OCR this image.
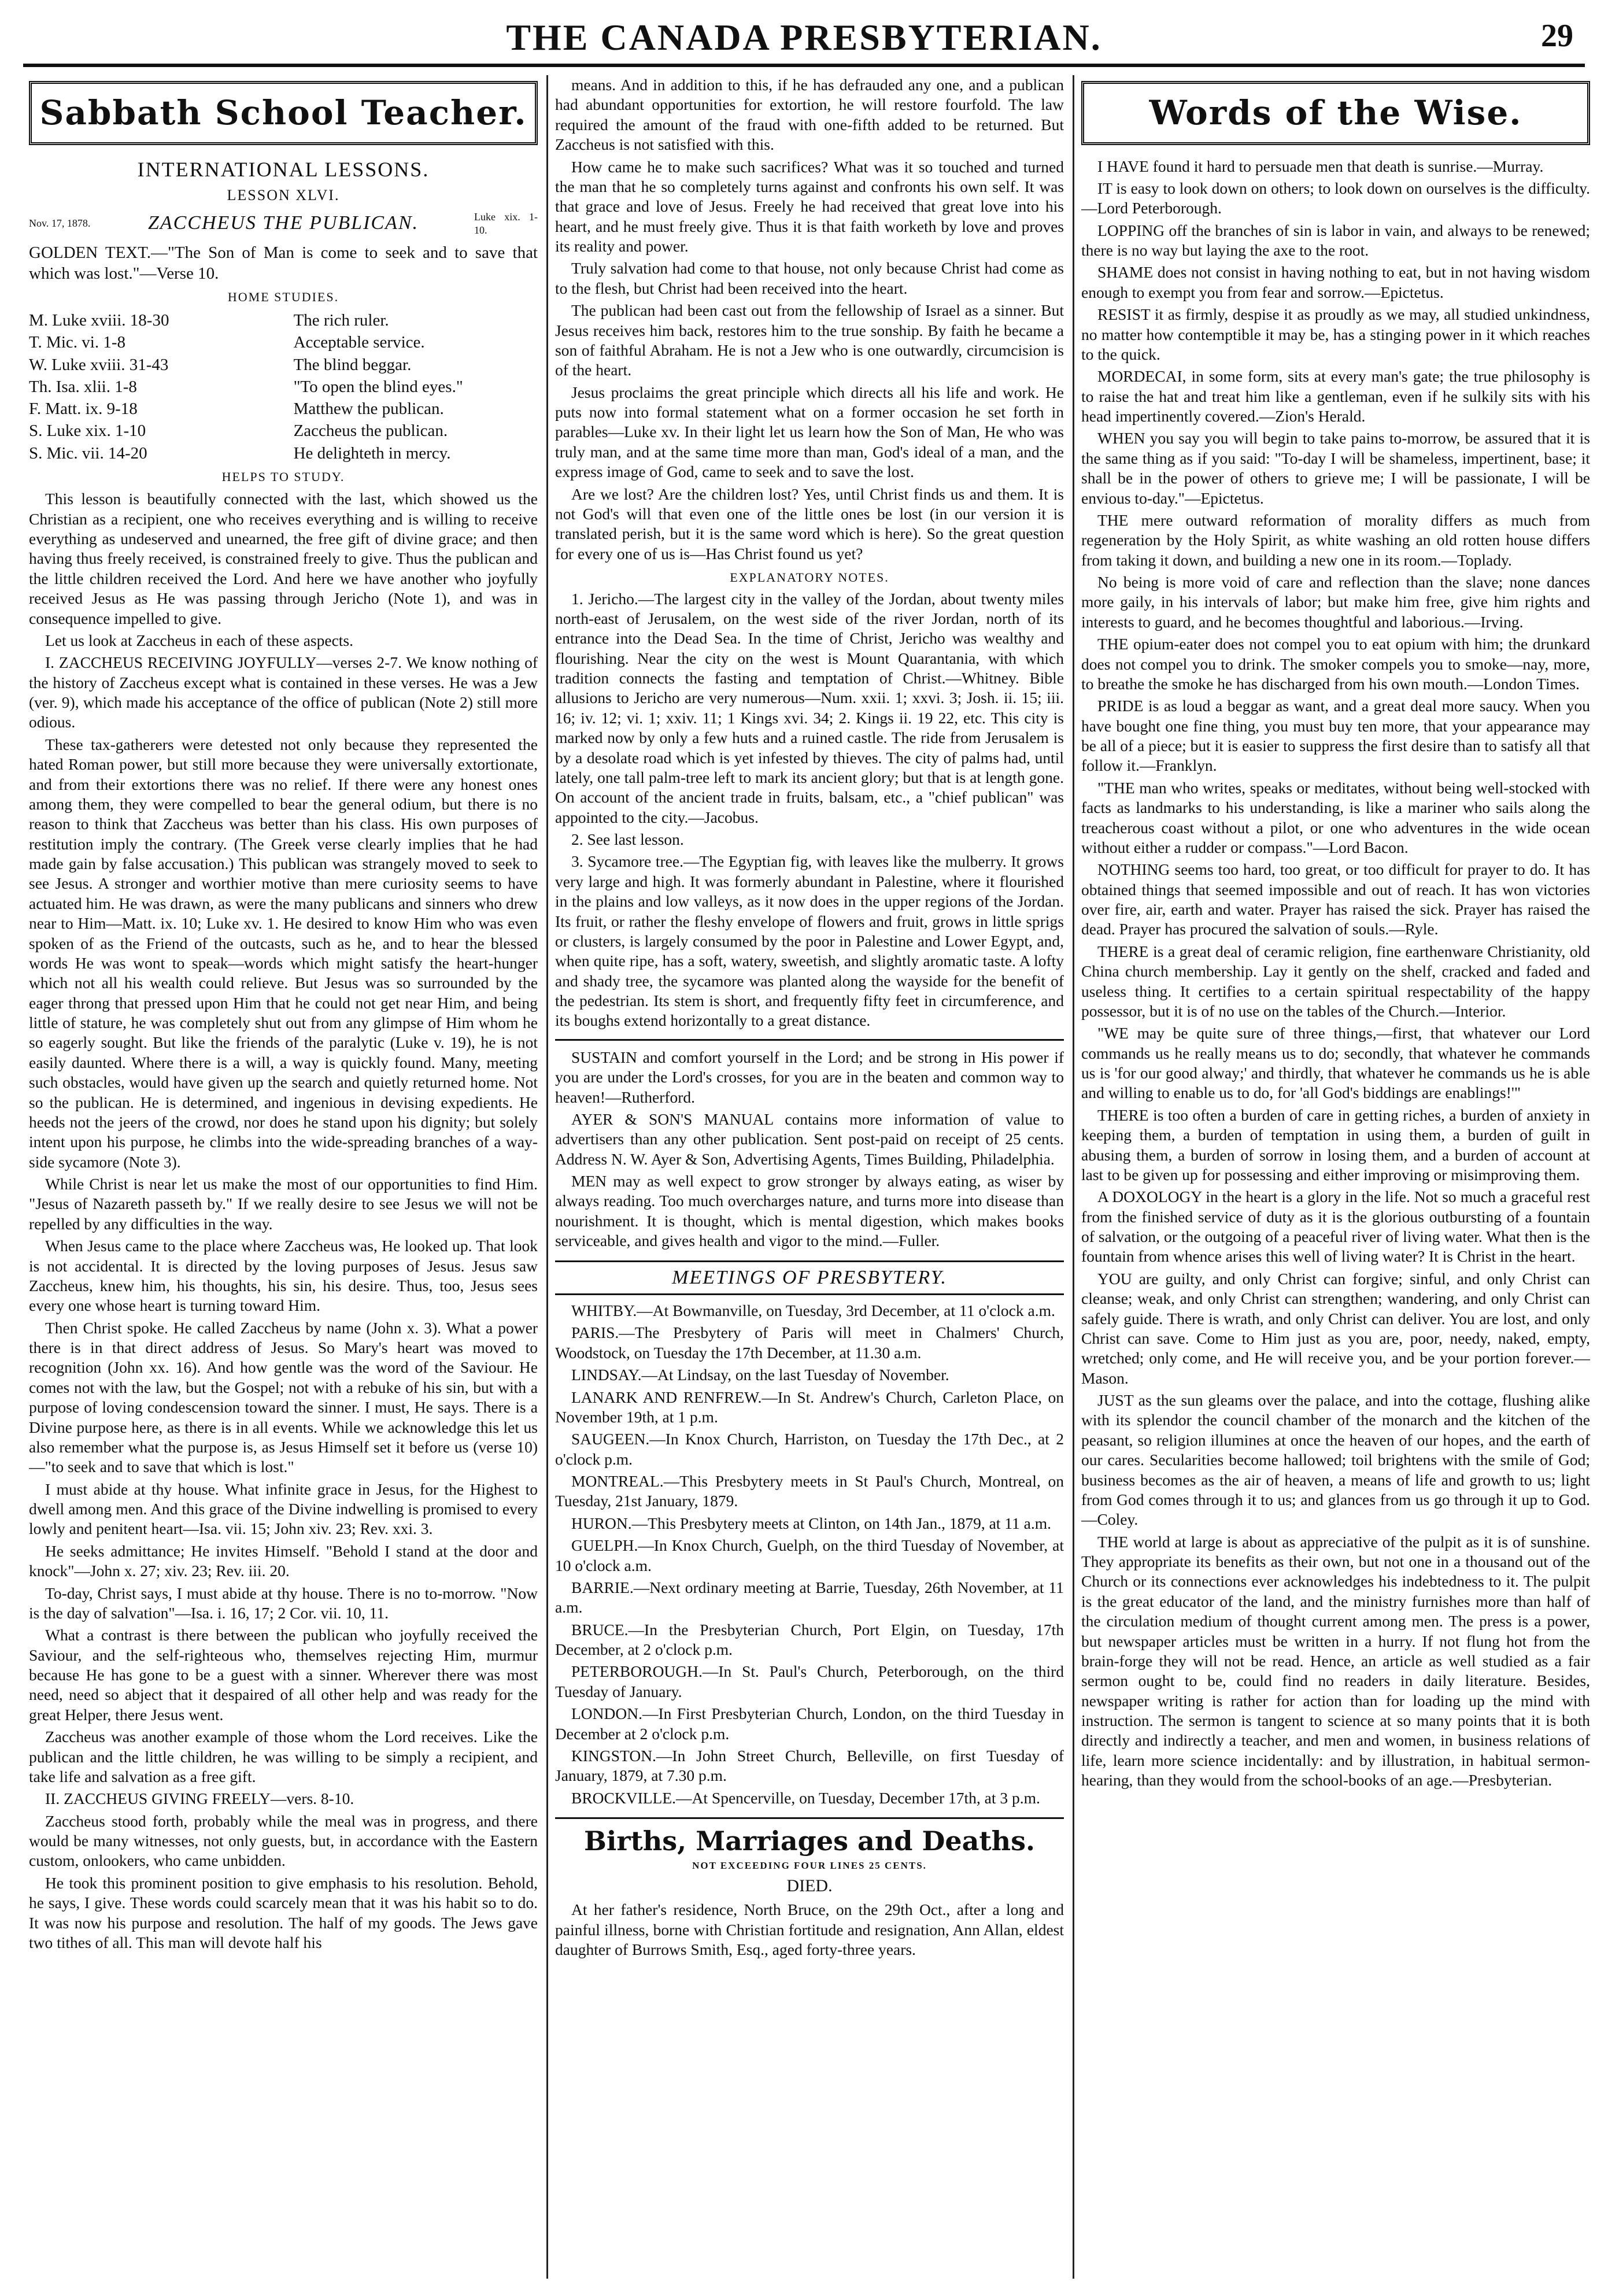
THE CANADA PRESBYTERIAN.	29
Sabbath School Teacher.

INTERNATIONAL LESSONS.

LESSON XLVI.

Nov. 17, 1878.	ZACCHEUS THE PUBLICAN.	Luke xix. 1-10.

GOLDEN TEXT.—"The Son of Man is come to seek and to save that which was lost."—Verse 10.

HOME STUDIES.
M. Luke xviii. 18-30	The rich ruler.
T. Mic. vi. 1-8	Acceptable service.
W. Luke xviii. 31-43	The blind beggar.
Th. Isa. xlii. 1-8	"To open the blind eyes."
F. Matt. ix. 9-18	Matthew the publican.
S. Luke xix. 1-10	Zaccheus the publican.
S. Mic. vii. 14-20	He delighteth in mercy.
HELPS TO STUDY.

This lesson is beautifully connected with the last, which showed us the Christian as a recipient, one who receives everything and is willing to receive everything as undeserved and unearned, the free gift of divine grace; and then having thus freely received, is constrained freely to give. Thus the publican and the little children received the Lord. And here we have another who joyfully received Jesus as He was passing through Jericho (Note 1), and was in consequence impelled to give.

Let us look at Zaccheus in each of these aspects.

I. ZACCHEUS RECEIVING JOYFULLY—verses 2-7. We know nothing of the history of Zaccheus except what is contained in these verses. He was a Jew (ver. 9), which made his acceptance of the office of publican (Note 2) still more odious.

These tax-gatherers were detested not only because they represented the hated Roman power, but still more because they were universally extortionate, and from their extortions there was no relief. If there were any honest ones among them, they were compelled to bear the general odium, but there is no reason to think that Zaccheus was better than his class. His own purposes of restitution imply the contrary. (The Greek verse clearly implies that he had made gain by false accusation.) This publican was strangely moved to seek to see Jesus. A stronger and worthier motive than mere curiosity seems to have actuated him. He was drawn, as were the many publicans and sinners who drew near to Him—Matt. ix. 10; Luke xv. 1. He desired to know Him who was even spoken of as the Friend of the outcasts, such as he, and to hear the blessed words He was wont to speak—words which might satisfy the heart-hunger which not all his wealth could relieve. But Jesus was so surrounded by the eager throng that pressed upon Him that he could not get near Him, and being little of stature, he was completely shut out from any glimpse of Him whom he so eagerly sought. But like the friends of the paralytic (Luke v. 19), he is not easily daunted. Where there is a will, a way is quickly found. Many, meeting such obstacles, would have given up the search and quietly returned home. Not so the publican. He is determined, and ingenious in devising expedients. He heeds not the jeers of the crowd, nor does he stand upon his dignity; but solely intent upon his purpose, he climbs into the wide-spreading branches of a way-side sycamore (Note 3).

While Christ is near let us make the most of our opportunities to find Him. "Jesus of Nazareth passeth by." If we really desire to see Jesus we will not be repelled by any difficulties in the way.

When Jesus came to the place where Zaccheus was, He looked up. That look is not accidental. It is directed by the loving purposes of Jesus. Jesus saw Zaccheus, knew him, his thoughts, his sin, his desire. Thus, too, Jesus sees every one whose heart is turning toward Him.

Then Christ spoke. He called Zaccheus by name (John x. 3). What a power there is in that direct address of Jesus. So Mary's heart was moved to recognition (John xx. 16). And how gentle was the word of the Saviour. He comes not with the law, but the Gospel; not with a rebuke of his sin, but with a purpose of loving condescension toward the sinner. I must, He says. There is a Divine purpose here, as there is in all events. While we acknowledge this let us also remember what the purpose is, as Jesus Himself set it before us (verse 10)—"to seek and to save that which is lost."

I must abide at thy house. What infinite grace in Jesus, for the Highest to dwell among men. And this grace of the Divine indwelling is promised to every lowly and penitent heart—Isa. vii. 15; John xiv. 23; Rev. xxi. 3.

He seeks admittance; He invites Himself. "Behold I stand at the door and knock"—John x. 27; xiv. 23; Rev. iii. 20.

To-day, Christ says, I must abide at thy house. There is no to-morrow. "Now is the day of salvation"—Isa. i. 16, 17; 2 Cor. vii. 10, 11.

What a contrast is there between the publican who joyfully received the Saviour, and the self-righteous who, themselves rejecting Him, murmur because He has gone to be a guest with a sinner. Wherever there was most need, need so abject that it despaired of all other help and was ready for the great Helper, there Jesus went.

Zaccheus was another example of those whom the Lord receives. Like the publican and the little children, he was willing to be simply a recipient, and take life and salvation as a free gift.

II. ZACCHEUS GIVING FREELY—vers. 8-10.

Zaccheus stood forth, probably while the meal was in progress, and there would be many witnesses, not only guests, but, in accordance with the Eastern custom, onlookers, who came unbidden.

He took this prominent position to give emphasis to his resolution. Behold, he says, I give. These words could scarcely mean that it was his habit so to do. It was now his purpose and resolution. The half of my goods. The Jews gave two tithes of all. This man will devote half his

means. And in addition to this, if he has defrauded any one, and a publican had abundant opportunities for extortion, he will restore fourfold. The law required the amount of the fraud with one-fifth added to be returned. But Zaccheus is not satisfied with this.

How came he to make such sacrifices? What was it so touched and turned the man that he so completely turns against and confronts his own self. It was that grace and love of Jesus. Freely he had received that great love into his heart, and he must freely give. Thus it is that faith worketh by love and proves its reality and power.

Truly salvation had come to that house, not only because Christ had come as to the flesh, but Christ had been received into the heart.

The publican had been cast out from the fellowship of Israel as a sinner. But Jesus receives him back, restores him to the true sonship. By faith he became a son of faithful Abraham. He is not a Jew who is one outwardly, circumcision is of the heart.

Jesus proclaims the great principle which directs all his life and work. He puts now into formal statement what on a former occasion he set forth in parables—Luke xv. In their light let us learn how the Son of Man, He who was truly man, and at the same time more than man, God's ideal of a man, and the express image of God, came to seek and to save the lost.

Are we lost? Are the children lost? Yes, until Christ finds us and them. It is not God's will that even one of the little ones be lost (in our version it is translated perish, but it is the same word which is here). So the great question for every one of us is—Has Christ found us yet?

EXPLANATORY NOTES.

1. Jericho.—The largest city in the valley of the Jordan, about twenty miles north-east of Jerusalem, on the west side of the river Jordan, north of its entrance into the Dead Sea. In the time of Christ, Jericho was wealthy and flourishing. Near the city on the west is Mount Quarantania, with which tradition connects the fasting and temptation of Christ.—Whitney. Bible allusions to Jericho are very numerous—Num. xxii. 1; xxvi. 3; Josh. ii. 15; iii. 16; iv. 12; vi. 1; xxiv. 11; 1 Kings xvi. 34; 2. Kings ii. 19 22, etc. This city is marked now by only a few huts and a ruined castle. The ride from Jerusalem is by a desolate road which is yet infested by thieves. The city of palms had, until lately, one tall palm-tree left to mark its ancient glory; but that is at length gone. On account of the ancient trade in fruits, balsam, etc., a "chief publican" was appointed to the city.—Jacobus.

2. See last lesson.

3. Sycamore tree.—The Egyptian fig, with leaves like the mulberry. It grows very large and high. It was formerly abundant in Palestine, where it flourished in the plains and low valleys, as it now does in the upper regions of the Jordan. Its fruit, or rather the fleshy envelope of flowers and fruit, grows in little sprigs or clusters, is largely consumed by the poor in Palestine and Lower Egypt, and, when quite ripe, has a soft, watery, sweetish, and slightly aromatic taste. A lofty and shady tree, the sycamore was planted along the wayside for the benefit of the pedestrian. Its stem is short, and frequently fifty feet in circumference, and its boughs extend horizontally to a great distance.

SUSTAIN and comfort yourself in the Lord; and be strong in His power if you are under the Lord's crosses, for you are in the beaten and common way to heaven!—Rutherford.

AYER & SON'S MANUAL contains more information of value to advertisers than any other publication. Sent post-paid on receipt of 25 cents. Address N. W. Ayer & Son, Advertising Agents, Times Building, Philadelphia.

MEN may as well expect to grow stronger by always eating, as wiser by always reading. Too much overcharges nature, and turns more into disease than nourishment. It is thought, which is mental digestion, which makes books serviceable, and gives health and vigor to the mind.—Fuller.

MEETINGS OF PRESBYTERY.

WHITBY.—At Bowmanville, on Tuesday, 3rd December, at 11 o'clock a.m.

PARIS.—The Presbytery of Paris will meet in Chalmers' Church, Woodstock, on Tuesday the 17th December, at 11.30 a.m.

LINDSAY.—At Lindsay, on the last Tuesday of November.

LANARK AND RENFREW.—In St. Andrew's Church, Carleton Place, on November 19th, at 1 p.m.

SAUGEEN.—In Knox Church, Harriston, on Tuesday the 17th Dec., at 2 o'clock p.m.

MONTREAL.—This Presbytery meets in St Paul's Church, Montreal, on Tuesday, 21st January, 1879.

HURON.—This Presbytery meets at Clinton, on 14th Jan., 1879, at 11 a.m.

GUELPH.—In Knox Church, Guelph, on the third Tuesday of November, at 10 o'clock a.m.

BARRIE.—Next ordinary meeting at Barrie, Tuesday, 26th November, at 11 a.m.

BRUCE.—In the Presbyterian Church, Port Elgin, on Tuesday, 17th December, at 2 o'clock p.m.

PETERBOROUGH.—In St. Paul's Church, Peterborough, on the third Tuesday of January.

LONDON.—In First Presbyterian Church, London, on the third Tuesday in December at 2 o'clock p.m.

KINGSTON.—In John Street Church, Belleville, on first Tuesday of January, 1879, at 7.30 p.m.

BROCKVILLE.—At Spencerville, on Tuesday, December 17th, at 3 p.m.

Births, Marriages and Deaths.
NOT EXCEEDING FOUR LINES 25 CENTS.

DIED.

At her father's residence, North Bruce, on the 29th Oct., after a long and painful illness, borne with Christian fortitude and resignation, Ann Allan, eldest daughter of Burrows Smith, Esq., aged forty-three years.

Words of the Wise.

I HAVE found it hard to persuade men that death is sunrise.—Murray.

IT is easy to look down on others; to look down on ourselves is the difficulty.—Lord Peterborough.

LOPPING off the branches of sin is labor in vain, and always to be renewed; there is no way but laying the axe to the root.

SHAME does not consist in having nothing to eat, but in not having wisdom enough to exempt you from fear and sorrow.—Epictetus.

RESIST it as firmly, despise it as proudly as we may, all studied unkindness, no matter how contemptible it may be, has a stinging power in it which reaches to the quick.

MORDECAI, in some form, sits at every man's gate; the true philosophy is to raise the hat and treat him like a gentleman, even if he sulkily sits with his head impertinently covered.—Zion's Herald.

WHEN you say you will begin to take pains to-morrow, be assured that it is the same thing as if you said: "To-day I will be shameless, impertinent, base; it shall be in the power of others to grieve me; I will be passionate, I will be envious to-day."—Epictetus.

THE mere outward reformation of morality differs as much from regeneration by the Holy Spirit, as white washing an old rotten house differs from taking it down, and building a new one in its room.—Toplady.

No being is more void of care and reflection than the slave; none dances more gaily, in his intervals of labor; but make him free, give him rights and interests to guard, and he becomes thoughtful and laborious.—Irving.

THE opium-eater does not compel you to eat opium with him; the drunkard does not compel you to drink. The smoker compels you to smoke—nay, more, to breathe the smoke he has discharged from his own mouth.—London Times.

PRIDE is as loud a beggar as want, and a great deal more saucy. When you have bought one fine thing, you must buy ten more, that your appearance may be all of a piece; but it is easier to suppress the first desire than to satisfy all that follow it.—Franklyn.

"THE man who writes, speaks or meditates, without being well-stocked with facts as landmarks to his understanding, is like a mariner who sails along the treacherous coast without a pilot, or one who adventures in the wide ocean without either a rudder or compass."—Lord Bacon.

NOTHING seems too hard, too great, or too difficult for prayer to do. It has obtained things that seemed impossible and out of reach. It has won victories over fire, air, earth and water. Prayer has raised the sick. Prayer has raised the dead. Prayer has procured the salvation of souls.—Ryle.

THERE is a great deal of ceramic religion, fine earthenware Christianity, old China church membership. Lay it gently on the shelf, cracked and faded and useless thing. It certifies to a certain spiritual respectability of the happy possessor, but it is of no use on the tables of the Church.—Interior.

"WE may be quite sure of three things,—first, that whatever our Lord commands us he really means us to do; secondly, that whatever he commands us is 'for our good alway;' and thirdly, that whatever he commands us he is able and willing to enable us to do, for 'all God's biddings are enablings!'"

THERE is too often a burden of care in getting riches, a burden of anxiety in keeping them, a burden of temptation in using them, a burden of guilt in abusing them, a burden of sorrow in losing them, and a burden of account at last to be given up for possessing and either improving or misimproving them.

A DOXOLOGY in the heart is a glory in the life. Not so much a graceful rest from the finished service of duty as it is the glorious outbursting of a fountain of salvation, or the outgoing of a peaceful river of living water. What then is the fountain from whence arises this well of living water? It is Christ in the heart.

YOU are guilty, and only Christ can forgive; sinful, and only Christ can cleanse; weak, and only Christ can strengthen; wandering, and only Christ can safely guide. There is wrath, and only Christ can deliver. You are lost, and only Christ can save. Come to Him just as you are, poor, needy, naked, empty, wretched; only come, and He will receive you, and be your portion forever.—Mason.

JUST as the sun gleams over the palace, and into the cottage, flushing alike with its splendor the council chamber of the monarch and the kitchen of the peasant, so religion illumines at once the heaven of our hopes, and the earth of our cares. Secularities become hallowed; toil brightens with the smile of God; business becomes as the air of heaven, a means of life and growth to us; light from God comes through it to us; and glances from us go through it up to God.—Coley.

THE world at large is about as appreciative of the pulpit as it is of sunshine. They appropriate its benefits as their own, but not one in a thousand out of the Church or its connections ever acknowledges his indebtedness to it. The pulpit is the great educator of the land, and the ministry furnishes more than half of the circulation medium of thought current among men. The press is a power, but newspaper articles must be written in a hurry. If not flung hot from the brain-forge they will not be read. Hence, an article as well studied as a fair sermon ought to be, could find no readers in daily literature. Besides, newspaper writing is rather for action than for loading up the mind with instruction. The sermon is tangent to science at so many points that it is both directly and indirectly a teacher, and men and women, in business relations of life, learn more science incidentally: and by illustration, in habitual sermon-hearing, than they would from the school-books of an age.—Presbyterian.
